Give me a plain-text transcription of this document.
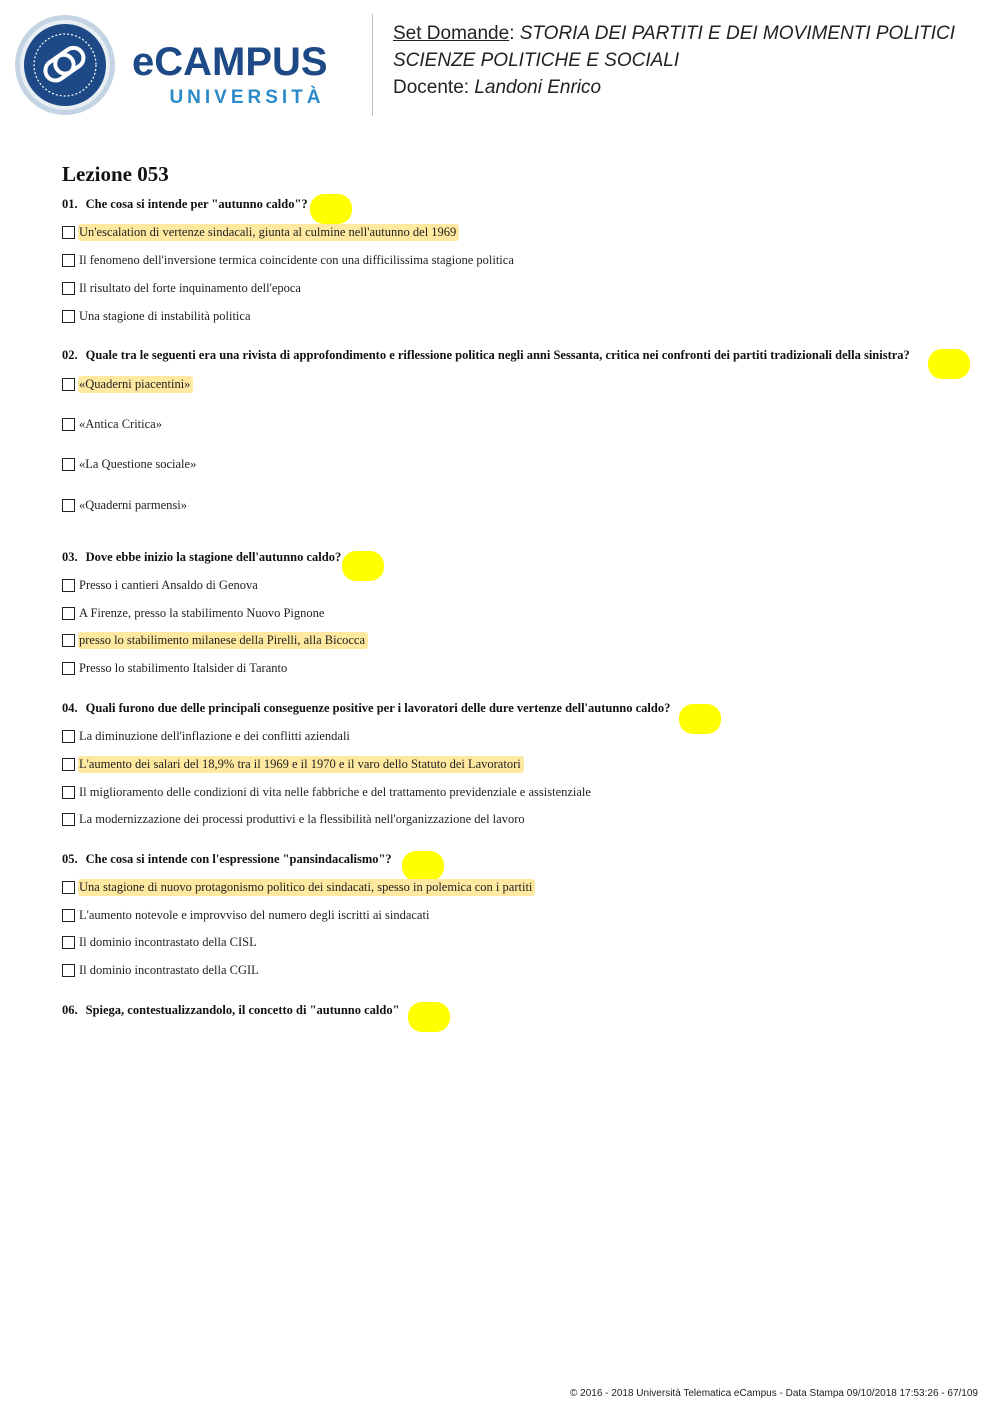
eCAMPUS
UNIVERSITÀ
Set Domande: STORIA DEI PARTITI E DEI MOVIMENTI POLITICI
SCIENZE POLITICHE E SOCIALI
Docente: Landoni Enrico
Lezione 053
01. Che cosa si intende per "autunno caldo"?
Un'escalation di vertenze sindacali, giunta al culmine nell'autunno del 1969
Il fenomeno dell'inversione termica coincidente con una difficilissima stagione politica
Il risultato del forte inquinamento dell'epoca
Una stagione di instabilità politica
02. Quale tra le seguenti era una rivista di approfondimento e riflessione politica negli anni Sessanta, critica nei confronti dei partiti tradizionali della sinistra?
«Quaderni piacentini»
«Antica Critica»
«La Questione sociale»
«Quaderni parmensi»
03. Dove ebbe inizio la stagione dell'autunno caldo?
Presso i cantieri Ansaldo di Genova
A Firenze, presso la stabilimento Nuovo Pignone
presso lo stabilimento milanese della Pirelli, alla Bicocca
Presso lo stabilimento Italsider di Taranto
04. Quali furono due delle principali conseguenze positive per i lavoratori delle dure vertenze dell'autunno caldo?
La diminuzione dell'inflazione e dei conflitti aziendali
L'aumento dei salari del 18,9% tra il 1969 e il 1970 e il varo dello Statuto dei Lavoratori
Il miglioramento delle condizioni di vita nelle fabbriche e del trattamento previdenziale e assistenziale
La modernizzazione dei processi produttivi e la flessibilità nell'organizzazione del lavoro
05. Che cosa si intende con l'espressione "pansindacalismo"?
Una stagione di nuovo protagonismo politico dei sindacati, spesso in polemica con i partiti
L'aumento notevole e improvviso del numero degli iscritti ai sindacati
Il dominio incontrastato della CISL
Il dominio incontrastato della CGIL
06. Spiega, contestualizzandolo, il concetto di "autunno caldo"
© 2016 - 2018 Università Telematica eCampus - Data Stampa 09/10/2018 17:53:26 - 67/109
